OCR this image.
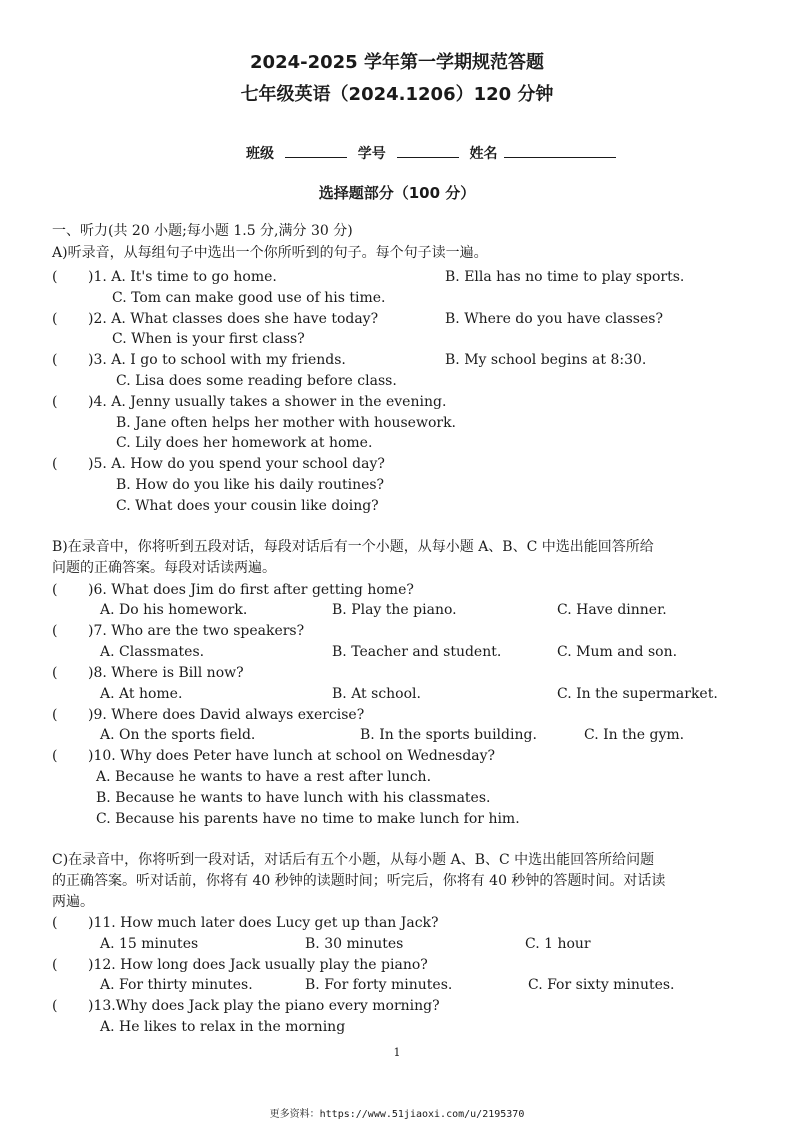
2024-2025 学年第一学期规范答题
七年级英语（2024.1206）120 分钟
班级	学号	姓名
选择题部分（100 分）
一、听力(共 20 小题;每小题 1.5 分,满分 30 分)
A)听录音，从每组句子中选出一个你所听到的句子。每个句子读一遍。
( )1. A. It's time to go home.	B. Ella has no time to play sports.
C. Tom can make good use of his time.
( )2. A. What classes does she have today?	B. Where do you have classes?
C. When is your first class?
( )3. A. I go to school with my friends.	B. My school begins at 8:30.
C. Lisa does some reading before class.
( )4. A. Jenny usually takes a shower in the evening.
B. Jane often helps her mother with housework.
C. Lily does her homework at home.
( )5. A. How do you spend your school day?
B. How do you like his daily routines?
C. What does your cousin like doing?
B)在录音中，你将听到五段对话，每段对话后有一个小题，从每小题 A、B、C 中选出能回答所给
问题的正确答案。每段对话读两遍。
( )6. What does Jim do first after getting home?
A. Do his homework.	B. Play the piano.	C. Have dinner.
( )7. Who are the two speakers?
A. Classmates.	B. Teacher and student.	C. Mum and son.
( )8. Where is Bill now?
A. At home.	B. At school.	C. In the supermarket.
( )9. Where does David always exercise?
A. On the sports field.	B. In the sports building.	C. In the gym.
( )10. Why does Peter have lunch at school on Wednesday?
A. Because he wants to have a rest after lunch.
B. Because he wants to have lunch with his classmates.
C. Because his parents have no time to make lunch for him.
C)在录音中，你将听到一段对话，对话后有五个小题，从每小题 A、B、C 中选出能回答所给问题
的正确答案。听对话前，你将有 40 秒钟的读题时间；听完后，你将有 40 秒钟的答题时间。对话读
两遍。
( )11. How much later does Lucy get up than Jack?
A. 15 minutes	B. 30 minutes	C. 1 hour
( )12. How long does Jack usually play the piano?
A. For thirty minutes.	B. For forty minutes.	C. For sixty minutes.
( )13.Why does Jack play the piano every morning?
A. He likes to relax in the morning
1
更多资料：https://www.51jiaoxi.com/u/2195370
